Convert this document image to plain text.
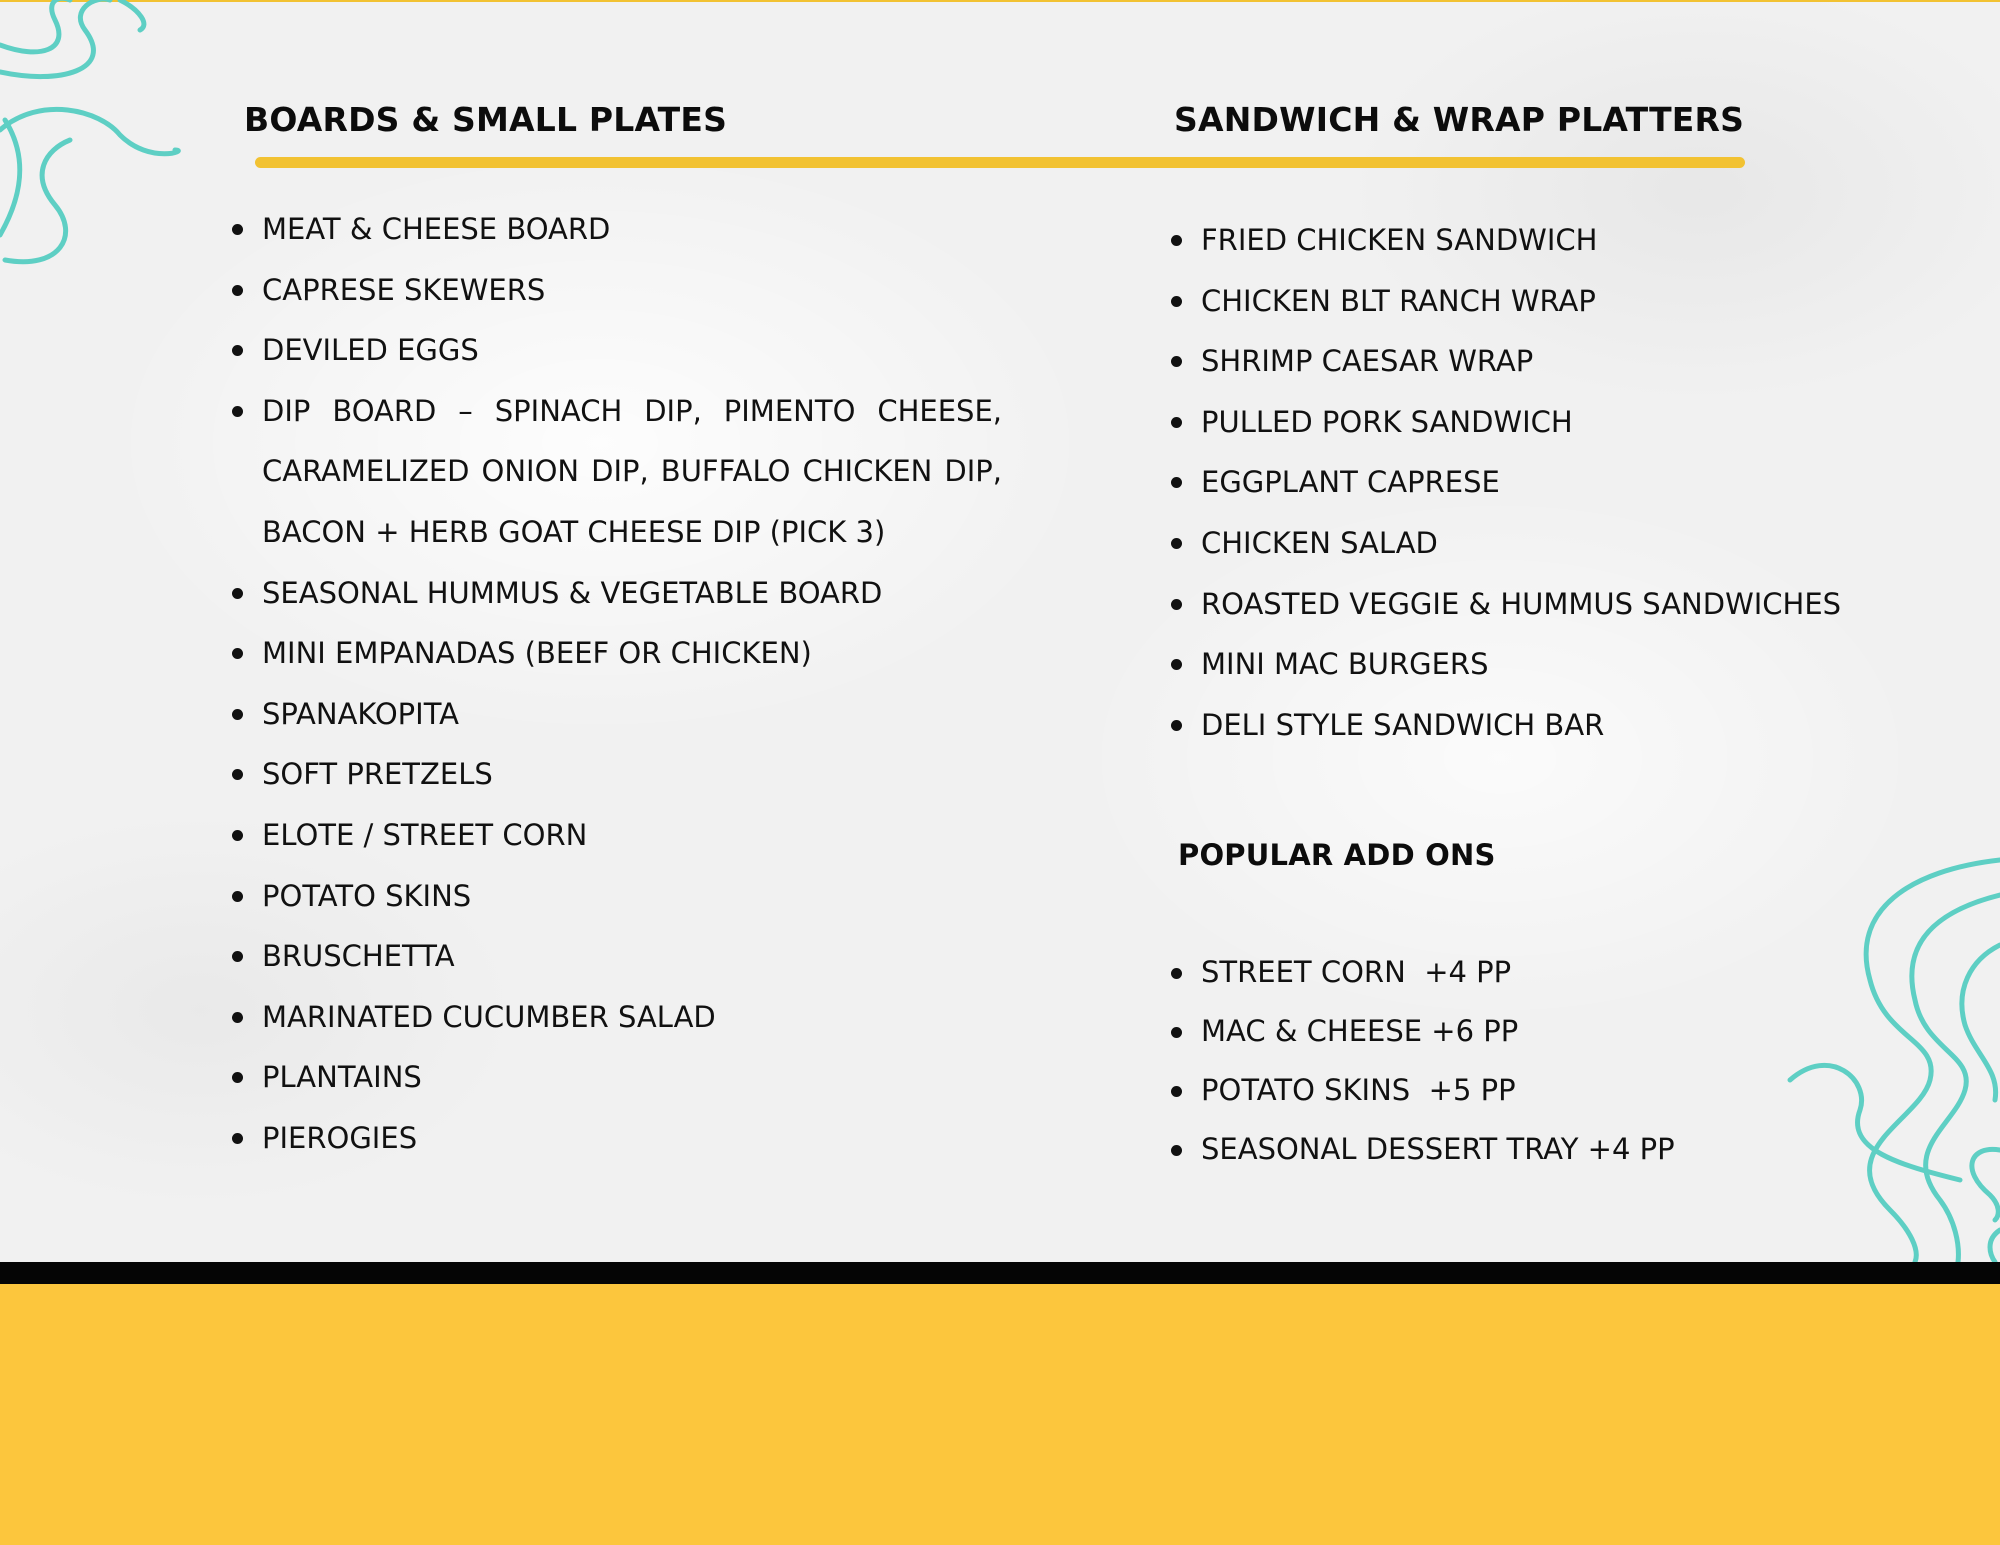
BOARDS & SMALL PLATES	SANDWICH & WRAP PLATTERS
MEAT & CHEESE BOARD
CAPRESE SKEWERS
DEVILED EGGS
DIP BOARD – SPINACH DIP, PIMENTO CHEESE, CARAMELIZED ONION DIP, BUFFALO CHICKEN DIP, BACON + HERB GOAT CHEESE DIP (PICK 3)
SEASONAL HUMMUS & VEGETABLE BOARD
MINI EMPANADAS (BEEF OR CHICKEN)
SPANAKOPITA
SOFT PRETZELS
ELOTE / STREET CORN
POTATO SKINS
BRUSCHETTA
MARINATED CUCUMBER SALAD
PLANTAINS
PIEROGIES
FRIED CHICKEN SANDWICH
CHICKEN BLT RANCH WRAP
SHRIMP CAESAR WRAP
PULLED PORK SANDWICH
EGGPLANT CAPRESE
CHICKEN SALAD
ROASTED VEGGIE & HUMMUS SANDWICHES
MINI MAC BURGERS
DELI STYLE SANDWICH BAR
POPULAR ADD ONS
STREET CORN  +4 PP
MAC & CHEESE +6 PP
POTATO SKINS  +5 PP
SEASONAL DESSERT TRAY +4 PP
